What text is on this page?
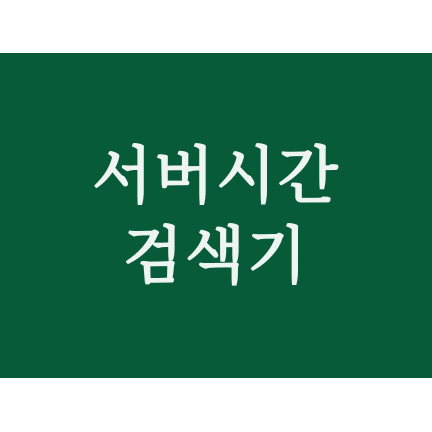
서버시간
검색기
